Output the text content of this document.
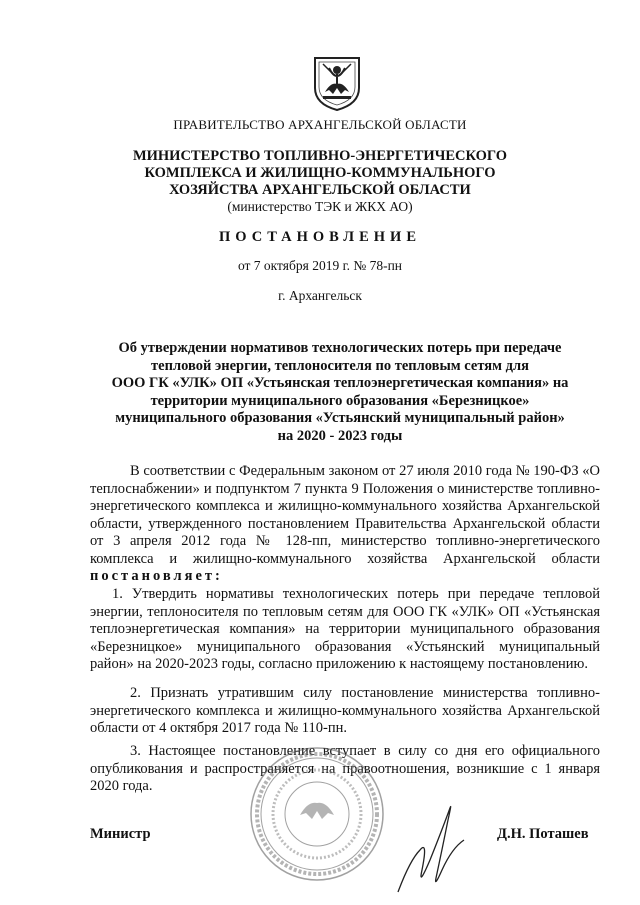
ПРАВИТЕЛЬСТВО АРХАНГЕЛЬСКОЙ ОБЛАСТИ
МИНИСТЕРСТВО ТОПЛИВНО-ЭНЕРГЕТИЧЕСКОГО
КОМПЛЕКСА И ЖИЛИЩНО-КОММУНАЛЬНОГО
ХОЗЯЙСТВА АРХАНГЕЛЬСКОЙ ОБЛАСТИ
(министерство ТЭК и ЖКХ АО)
ПОСТАНОВЛЕНИЕ
от 7 октября 2019 г. № 78-пн
г. Архангельск
Об утверждении нормативов технологических потерь при передаче
тепловой энергии, теплоносителя по тепловым сетям для
ООО ГК «УЛК» ОП «Устьянская теплоэнергетическая компания» на
территории муниципального образования «Березницкое»
муниципального образования «Устьянский муниципальный район»
на 2020 - 2023 годы
В соответствии с Федеральным законом от 27 июля 2010 года № 190-ФЗ «О теплоснабжении» и подпунктом 7 пункта 9 Положения о министерстве топливно-энергетического комплекса и жилищно-коммунального хозяйства Архангельской области, утвержденного постановлением Правительства Архангельской области от 3 апреля 2012 года № 128-пп, министерство топливно-энергетического комплекса и жилищно-коммунального хозяйства Архангельской области постановляет:
1. Утвердить нормативы технологических потерь при передаче тепловой энергии, теплоносителя по тепловым сетям для ООО ГК «УЛК» ОП «Устьянская теплоэнергетическая компания» на территории муниципального образования «Березницкое» муниципального образования «Устьянский муниципальный район» на 2020-2023 годы, согласно приложению к настоящему постановлению.
2. Признать утратившим силу постановление министерства топливно-энергетического комплекса и жилищно-коммунального хозяйства Архангельской области от 4 октября 2017 года № 110-пн.
3. Настоящее постановление вступает в силу со дня его официального опубликования и распространяется на правоотношения, возникшие с 1 января 2020 года.
Министр	Д.Н. Поташев
